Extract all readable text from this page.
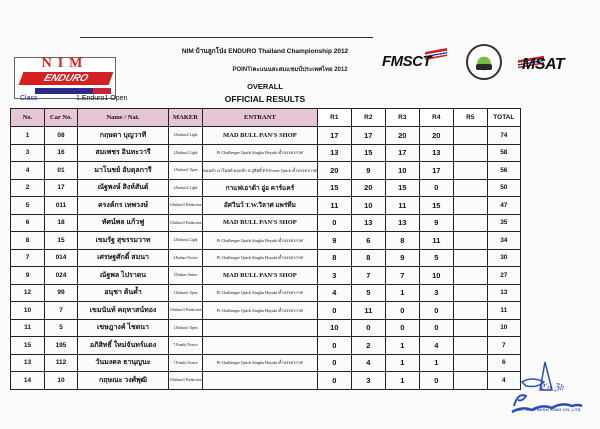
NIM
ENDURO
NIM บ้านลูกโป่ง ENDURO Thailand Championship 2012
POINT/คะแนนสะสมแชมป์ประเทศไทย 2012
OVERALL
OFFICIAL RESULTS
Class	1.Enduro1 Open
FMSCT	MSAT
No.	Car No.	Name / Nat.	MAKER	ENTRANT	R1	R2	R3	R4	R5	TOTAL
1	08	กฤษดา บุญวาที	2.Enduro2 Light	MAD BULL PAN'S SHOP	17	17	20	20		74
3	16	สมเพชร อินทะวารี	2.Enduro2 Light	Pt Challenger Quick Singha Hoyaki ค้ำบรรยากาศ	13	15	17	13		58
4	01	มาโนชย์ อับดุลการี	1.Enduro1 Open	ดอนลำ มาโนชย์ ดอกลัก ส.ภู่สิทธิ์ P.S.Power Quick ค้ำบรรยากาศ	20	9	10	17		56
2	17	ณัฐพงษ์ สิงห์สันต์	2.Enduro2 Light	กาแฟเอาต้า อู่อ คาร์แคร์	15	20	15	0		50
5	011	ครงค์กร เทพวงษ์	3.Enduro3 Production	อัศวินว์ T.W.วิลาศ แพร่ทีม	11	10	11	15		47
6	18	ทัศน์พล แก้วฟู	3.Enduro3 Production	MAD BULL PAN'S SHOP	0	13	13	9		35
8	15	เขมรัฐ สุขรรมวาท	2.Enduro2 Light	Pt Challenger Quick Singha Hoyaki ค้ำบรรยากาศ	9	6	8	11		34
7	014	เศรษฐศักดิ์ สมนา	4.Enduro Novice	Pt Challenger Quick Singha Hoyaki ค้ำบรรยากาศ	8	8	9	5		30
9	024	ณัฐพล ไปราดน	5.Enduro Senior	MAD BULL PAN'S SHOP	3	7	7	10		27
12	99	อนุชา ต้นค้ำ	1.Enduro1 Open	Pt Challenger Quick Singha Hoyaki ค้ำบรรยากาศ	4	5	1	3		13
10	7	เขมนันท์ คฤหาสน์ทอง	3.Enduro3 Production	Pt Challenger Quick Singha Hoyaki ค้ำบรรยากาศ	0	11	0	0		11
11	5	เขษฎางค์ ไชดนา	1.Enduro1 Open		10	0	0	0		10
15	195	อภิสิทธิ์ ใหม่จันทร์แดง	7.Family Novice		0	2	1	4		7
13	112	วันมงคล ธานุญนะ	7.Family Novice	Pt Challenger Quick Singha Hoyaki ค้ำบรรยากาศ	0	4	1	1		6
14	10	กฤษณะ วงศ์พุฒิ	3.Enduro3 Production		0	3	1	0		4
ℭ𝔫 ℨ𝔥
LAT GO FINISH KING CO.,LTD
